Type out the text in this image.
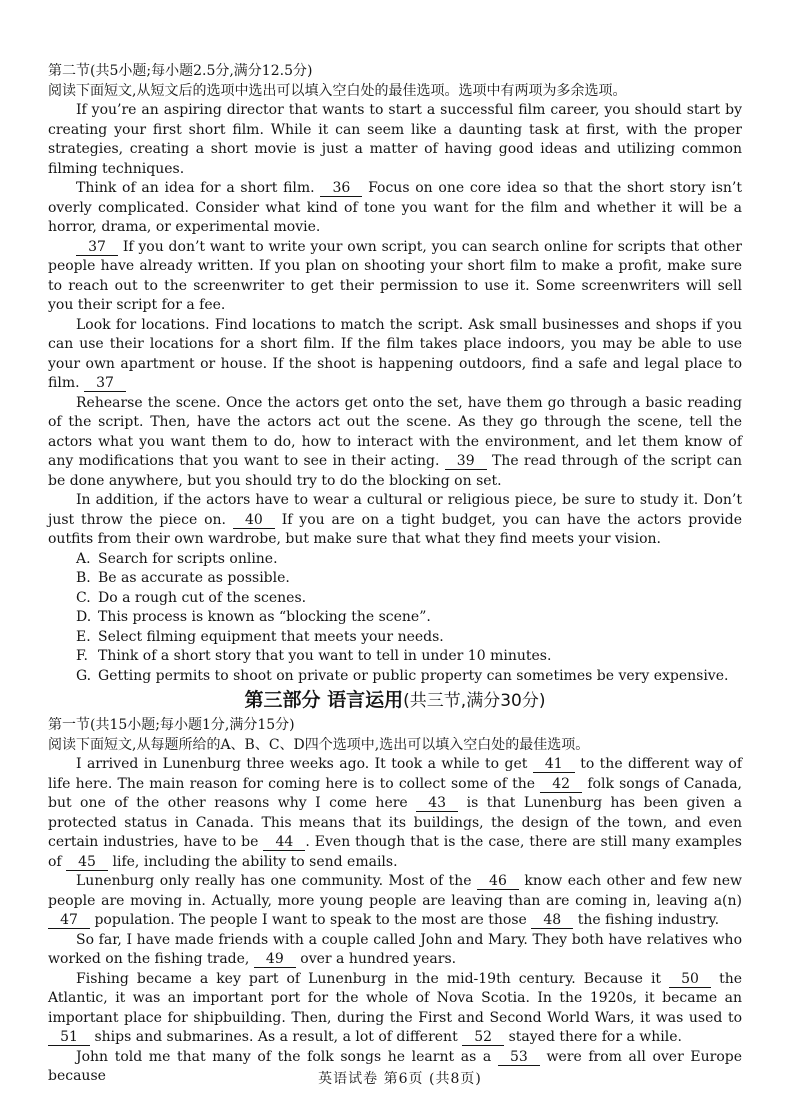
第二节(共5小题;每小题2.5分,满分12.5分)

阅读下面短文,从短文后的选项中选出可以填入空白处的最佳选项。选项中有两项为多余选项。

If you’re an aspiring director that wants to start a successful film career, you should start by creating your first short film. While it can seem like a daunting task at first, with the proper strategies, creating a short movie is just a matter of having good ideas and utilizing common filming techniques.

Think of an idea for a short film. 36 Focus on one core idea so that the short story isn’t overly complicated. Consider what kind of tone you want for the film and whether it will be a horror, drama, or experimental movie.

37 If you don’t want to write your own script, you can search online for scripts that other people have already written. If you plan on shooting your short film to make a profit, make sure to reach out to the screenwriter to get their permission to use it. Some screenwriters will sell you their script for a fee.

Look for locations. Find locations to match the script. Ask small businesses and shops if you can use their locations for a short film. If the film takes place indoors, you may be able to use your own apartment or house. If the shoot is happening outdoors, find a safe and legal place to film. 37

Rehearse the scene. Once the actors get onto the set, have them go through a basic reading of the script. Then, have the actors act out the scene. As they go through the scene, tell the actors what you want them to do, how to interact with the environment, and let them know of any modifications that you want to see in their acting. 39 The read through of the script can be done anywhere, but you should try to do the blocking on set.

In addition, if the actors have to wear a cultural or religious piece, be sure to study it. Don’t just throw the piece on. 40 If you are on a tight budget, you can have the actors provide outfits from their own wardrobe, but make sure that what they find meets your vision.

A. Search for scripts online.
B. Be as accurate as possible.
C. Do a rough cut of the scenes.
D. This process is known as “blocking the scene”.
E. Select filming equipment that meets your needs.
F. Think of a short story that you want to tell in under 10 minutes.
G. Getting permits to shoot on private or public property can sometimes be very expensive.
第三部分 语言运用(共三节,满分30分)

第一节(共15小题;每小题1分,满分15分)

阅读下面短文,从每题所给的A、B、C、D四个选项中,选出可以填入空白处的最佳选项。

I arrived in Lunenburg three weeks ago. It took a while to get 41 to the different way of life here. The main reason for coming here is to collect some of the 42 folk songs of Canada, but one of the other reasons why I come here 43 is that Lunenburg has been given a protected status in Canada. This means that its buildings, the design of the town, and even certain industries, have to be 44 . Even though that is the case, there are still many examples of 45 life, including the ability to send emails.

Lunenburg only really has one community. Most of the 46 know each other and few new people are moving in. Actually, more young people are leaving than are coming in, leaving a(n) 47 population. The people I want to speak to the most are those 48 the fishing industry.

So far, I have made friends with a couple called John and Mary. They both have relatives who worked on the fishing trade, 49 over a hundred years.

Fishing became a key part of Lunenburg in the mid-19th century. Because it 50 the Atlantic, it was an important port for the whole of Nova Scotia. In the 1920s, it became an important place for shipbuilding. Then, during the First and Second World Wars, it was used to 51 ships and submarines. As a result, a lot of different 52 stayed there for a while.

John told me that many of the folk songs he learnt as a 53 were from all over Europe because	英语试卷 第6页 (共8页)
